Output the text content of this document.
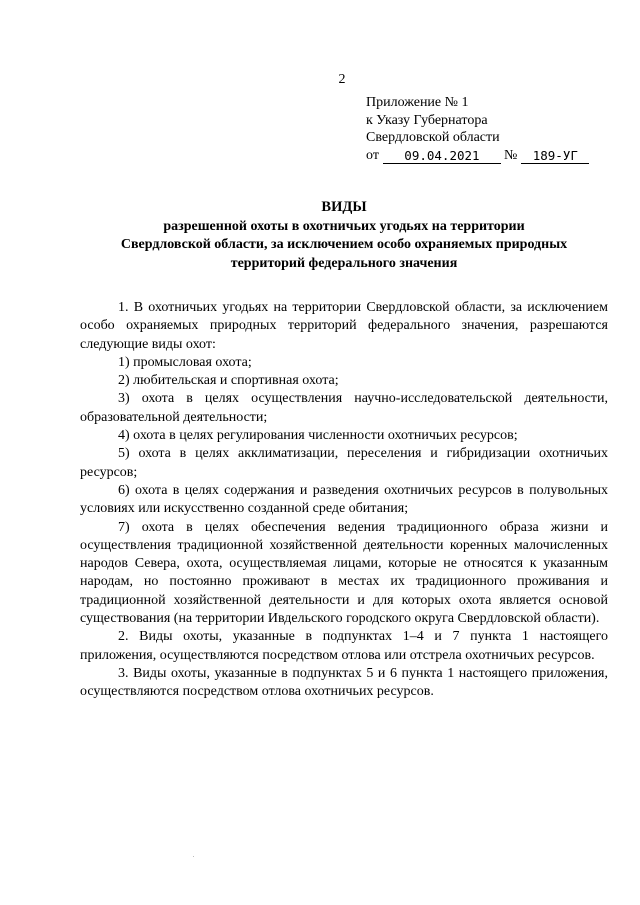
2
Приложение № 1
к Указу Губернатора
Свердловской области
от	09.04.2021	№	189-УГ
ВИДЫ
разрешенной охоты в охотничьих угодьях на территории
Свердловской области, за исключением особо охраняемых природных
территорий федерального значения

1. В охотничьих угодьях на территории Свердловской области, за исключением особо охраняемых природных территорий федерального значения, разрешаются следующие виды охот:

1) промысловая охота;

2) любительская и спортивная охота;

3) охота в целях осуществления научно-исследовательской деятельности, образовательной деятельности;

4) охота в целях регулирования численности охотничьих ресурсов;

5) охота в целях акклиматизации, переселения и гибридизации охотничьих ресурсов;

6) охота в целях содержания и разведения охотничьих ресурсов в полувольных условиях или искусственно созданной среде обитания;

7) охота в целях обеспечения ведения традиционного образа жизни и осуществления традиционной хозяйственной деятельности коренных малочисленных народов Севера, охота, осуществляемая лицами, которые не относятся к указанным народам, но постоянно проживают в местах их традиционного проживания и традиционной хозяйственной деятельности и для которых охота является основой существования (на территории Ивдельского городского округа Свердловской области).

2. Виды охоты, указанные в подпунктах 1–4 и 7 пункта 1 настоящего приложения, осуществляются посредством отлова или отстрела охотничьих ресурсов.

3. Виды охоты, указанные в подпунктах 5 и 6 пункта 1 настоящего приложения, осуществляются посредством отлова охотничьих ресурсов.
